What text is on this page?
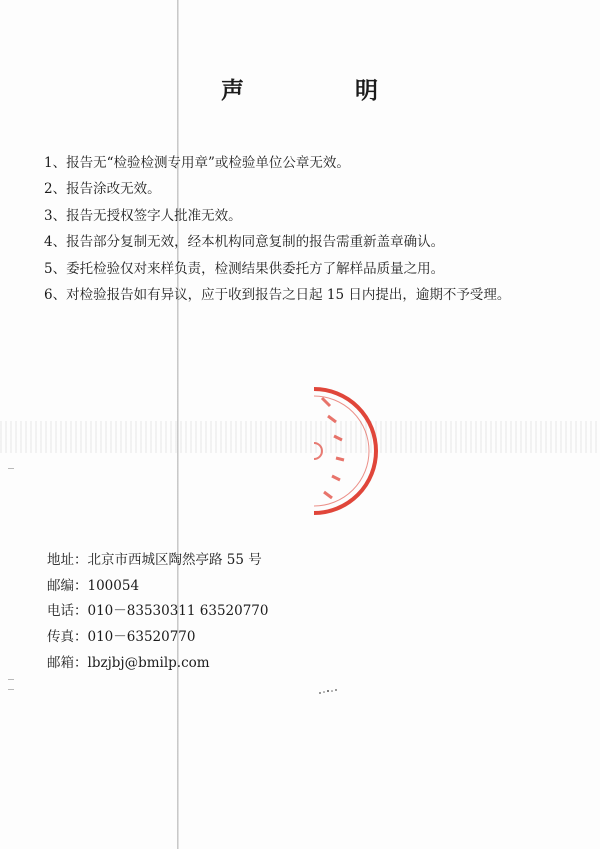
声	明
1、报告无“检验检测专用章”或检验单位公章无效。
2、报告涂改无效。
3、报告无授权签字人批准无效。
4、报告部分复制无效，经本机构同意复制的报告需重新盖章确认。
5、委托检验仅对来样负责，检测结果供委托方了解样品质量之用。
6、对检验报告如有异议，应于收到报告之日起 15 日内提出，逾期不予受理。
地址：北京市西城区陶然亭路 55 号
邮编：100054
电话：010－83530311 63520770
传真：010－63520770
邮箱：lbzjbj@bmilp.com
